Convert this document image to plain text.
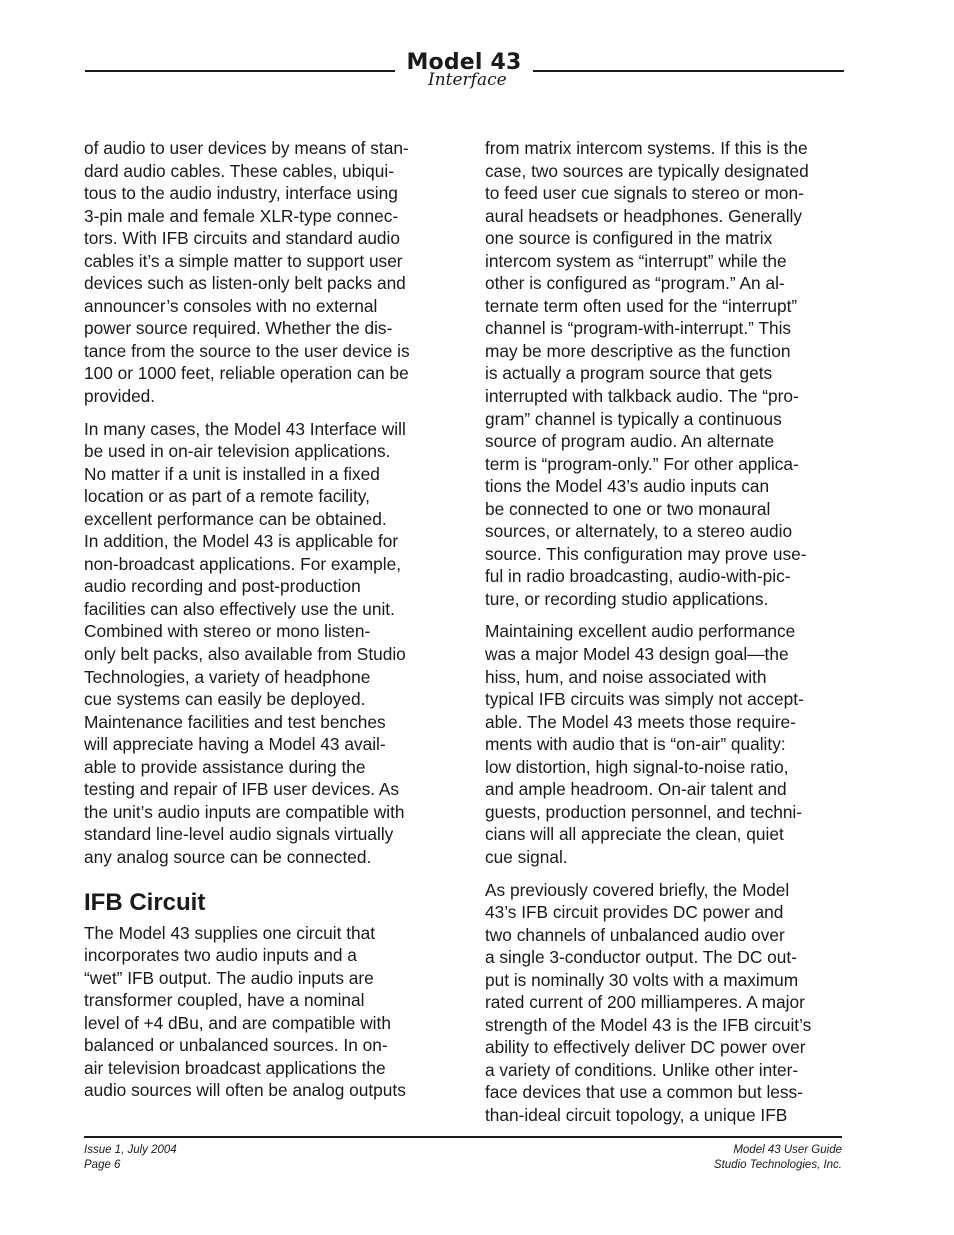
Model 43
Interface

of audio to user devices by means of stan-
dard audio cables. These cables, ubiqui-
tous to the audio industry, interface using
3-pin male and female XLR-type connec-
tors. With IFB circuits and standard audio
cables it’s a simple matter to support user
devices such as listen-only belt packs and
announcer’s consoles with no external
power source required. Whether the dis-
tance from the source to the user device is
100 or 1000 feet, reliable operation can be
provided.

In many cases, the Model 43 Interface will
be used in on-air television applications.
No matter if a unit is installed in a fixed
location or as part of a remote facility,
excellent performance can be obtained.
In addition, the Model 43 is applicable for
non-broadcast applications. For example,
audio recording and post-production
facilities can also effectively use the unit.
Combined with stereo or mono listen-
only belt packs, also available from Studio
Technologies, a variety of headphone
cue systems can easily be deployed.
Maintenance facilities and test benches
will appreciate having a Model 43 avail-
able to provide assistance during the
testing and repair of IFB user devices. As
the unit’s audio inputs are compatible with
standard line-level audio signals virtually
any analog source can be connected.

IFB Circuit

The Model 43 supplies one circuit that
incorporates two audio inputs and a
“wet” IFB output. The audio inputs are
transformer coupled, have a nominal
level of +4 dBu, and are compatible with
balanced or unbalanced sources. In on-
air television broadcast applications the
audio sources will often be analog outputs

from matrix intercom systems. If this is the
case, two sources are typically designated
to feed user cue signals to stereo or mon-
aural headsets or headphones. Generally
one source is configured in the matrix
intercom system as “interrupt” while the
other is configured as “program.” An al-
ternate term often used for the “interrupt”
channel is “program-with-interrupt.” This
may be more descriptive as the function
is actually a program source that gets
interrupted with talkback audio. The “pro-
gram” channel is typically a continuous
source of program audio. An alternate
term is “program-only.” For other applica-
tions the Model 43’s audio inputs can
be connected to one or two monaural
sources, or alternately, to a stereo audio
source. This configuration may prove use-
ful in radio broadcasting, audio-with-pic-
ture, or recording studio applications.

Maintaining excellent audio performance
was a major Model 43 design goal—the
hiss, hum, and noise associated with
typical IFB circuits was simply not accept-
able. The Model 43 meets those require-
ments with audio that is “on-air” quality:
low distortion, high signal-to-noise ratio,
and ample headroom. On-air talent and
guests, production personnel, and techni-
cians will all appreciate the clean, quiet
cue signal.

As previously covered briefly, the Model
43’s IFB circuit provides DC power and
two channels of unbalanced audio over
a single 3-conductor output. The DC out-
put is nominally 30 volts with a maximum
rated current of 200 milliamperes. A major
strength of the Model 43 is the IFB circuit’s
ability to effectively deliver DC power over
a variety of conditions. Unlike other inter-
face devices that use a common but less-
than-ideal circuit topology, a unique IFB

Issue 1, July 2004
Page 6
Model 43 User Guide
Studio Technologies, Inc.
